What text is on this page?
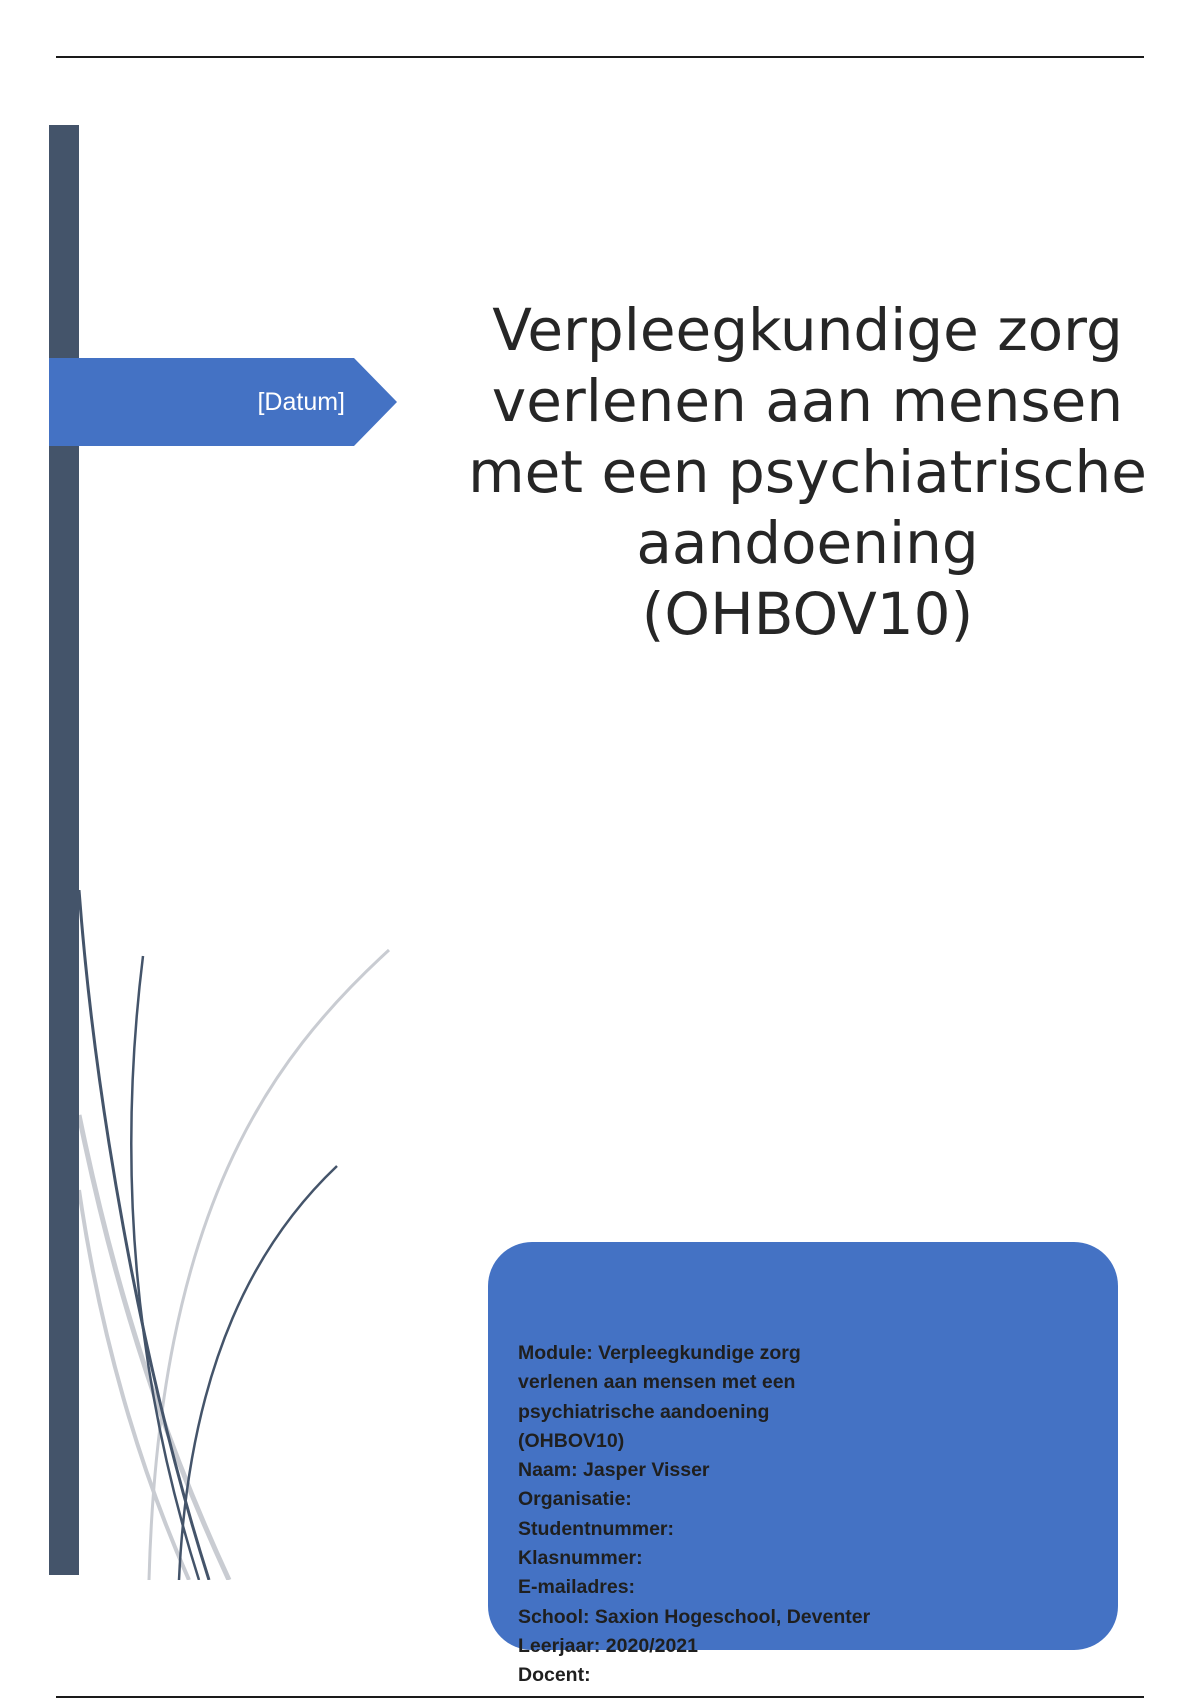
[Datum]
Verpleegkundige zorg
verlenen aan mensen
met een psychiatrische
aandoening
(OHBOV10)
Module: Verpleegkundige zorg
verlenen aan mensen met een
psychiatrische aandoening
(OHBOV10)
Naam: Jasper Visser
Organisatie:
Studentnummer:
Klasnummer:
E-mailadres:
School: Saxion Hogeschool, Deventer
Leerjaar: 2020/2021
Docent:
